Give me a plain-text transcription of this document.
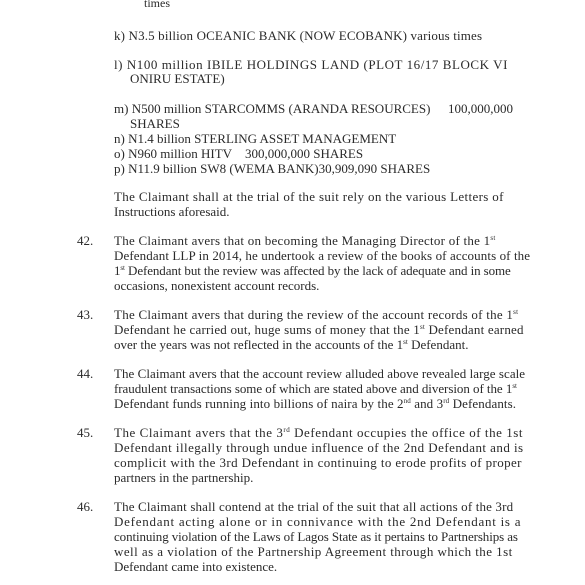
times
k) N3.5 billion OCEANIC BANK (NOW ECOBANK) various times
l) N100 million IBILE HOLDINGS LAND (PLOT 16/17 BLOCK VI
ONIRU ESTATE)
m) N500 million STARCOMMS (ARANDA RESOURCES) 100,000,000
SHARES
n) N1.4 billion STERLING ASSET MANAGEMENT
o) N960 million HITV 300,000,000 SHARES
p) N11.9 billion SW8 (WEMA BANK)30,909,090 SHARES
The Claimant shall at the trial of the suit rely on the various Letters of
Instructions aforesaid.
42. The Claimant avers that on becoming the Managing Director of the 1st
Defendant LLP in 2014, he undertook a review of the books of accounts of the
1st Defendant but the review was affected by the lack of adequate and in some
occasions, nonexistent account records.
43. The Claimant avers that during the review of the account records of the 1st
Defendant he carried out, huge sums of money that the 1st Defendant earned
over the years was not reflected in the accounts of the 1st Defendant.
44. The Claimant avers that the account review alluded above revealed large scale
fraudulent transactions some of which are stated above and diversion of the 1st
Defendant funds running into billions of naira by the 2nd and 3rd Defendants.
45. The Claimant avers that the 3rd Defendant occupies the office of the 1st
Defendant illegally through undue influence of the 2nd Defendant and is
complicit with the 3rd Defendant in continuing to erode profits of proper
partners in the partnership.
46. The Claimant shall contend at the trial of the suit that all actions of the 3rd
Defendant acting alone or in connivance with the 2nd Defendant is a
continuing violation of the Laws of Lagos State as it pertains to Partnerships as
well as a violation of the Partnership Agreement through which the 1st
Defendant came into existence.
